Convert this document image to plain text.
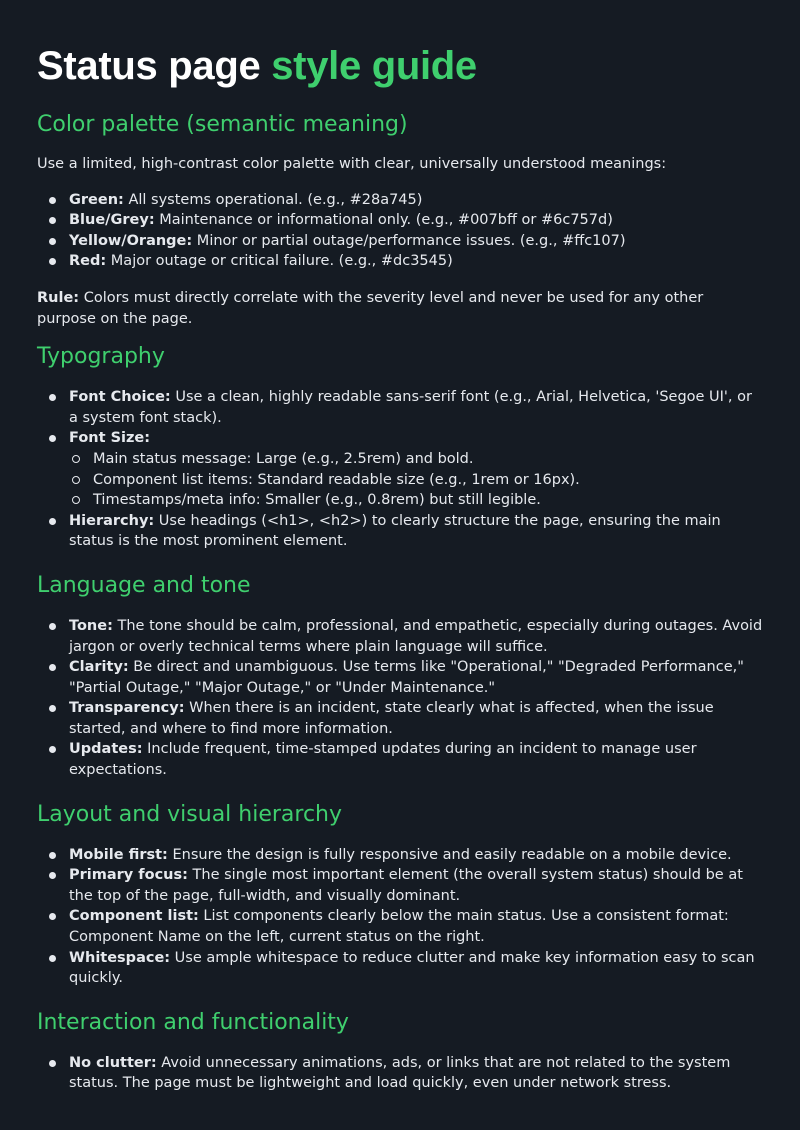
Status page style guide
Color palette (semantic meaning)

Use a limited, high-contrast color palette with clear, universally understood meanings:

Green: All systems operational. (e.g., #28a745)
Blue/Grey: Maintenance or informational only. (e.g., #007bff or #6c757d)
Yellow/Orange: Minor or partial outage/performance issues. (e.g., #ffc107)
Red: Major outage or critical failure. (e.g., #dc3545)

Rule: Colors must directly correlate with the severity level and never be used for any other purpose on the page.

Typography
Font Choice: Use a clean, highly readable sans-serif font (e.g., Arial, Helvetica, 'Segoe UI', or a system font stack).
Font Size:
Main status message: Large (e.g., 2.5rem) and bold.
Component list items: Standard readable size (e.g., 1rem or 16px).
Timestamps/meta info: Smaller (e.g., 0.8rem) but still legible.
Hierarchy: Use headings (<h1>, <h2>) to clearly structure the page, ensuring the main status is the most prominent element.
Language and tone
Tone: The tone should be calm, professional, and empathetic, especially during outages. Avoid jargon or overly technical terms where plain language will suffice.
Clarity: Be direct and unambiguous. Use terms like "Operational," "Degraded Performance," "Partial Outage," "Major Outage," or "Under Maintenance."
Transparency: When there is an incident, state clearly what is affected, when the issue started, and where to find more information.
Updates: Include frequent, time-stamped updates during an incident to manage user expectations.
Layout and visual hierarchy
Mobile first: Ensure the design is fully responsive and easily readable on a mobile device.
Primary focus: The single most important element (the overall system status) should be at the top of the page, full-width, and visually dominant.
Component list: List components clearly below the main status. Use a consistent format: Component Name on the left, current status on the right.
Whitespace: Use ample whitespace to reduce clutter and make key information easy to scan quickly.
Interaction and functionality
No clutter: Avoid unnecessary animations, ads, or links that are not related to the system status. The page must be lightweight and load quickly, even under network stress.
